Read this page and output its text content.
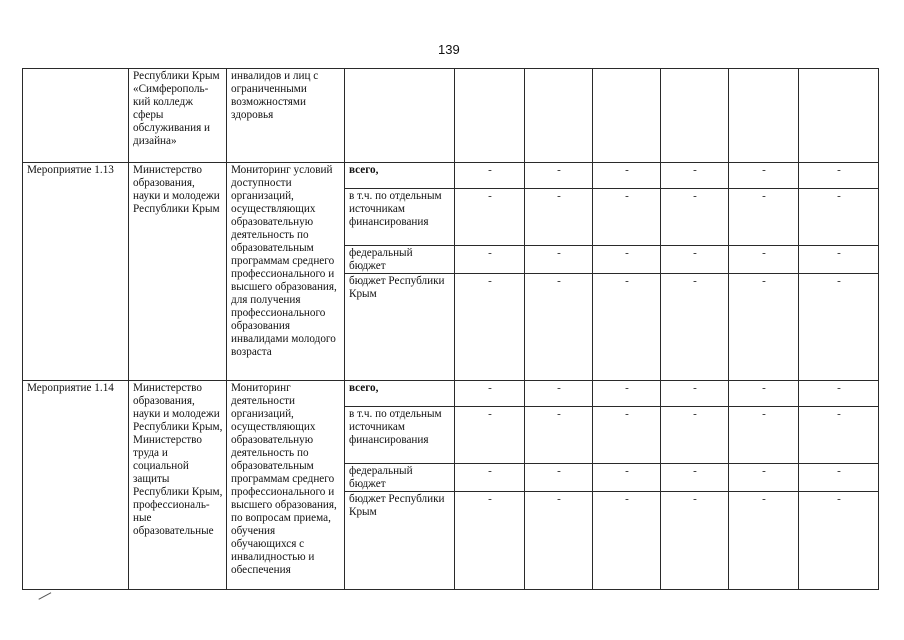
139
	Республики Крым «Симферополь-кий колледж сферы обслуживания и дизайна»	инвалидов и лиц с ограниченными возможностями здоровья							
Мероприятие 1.13	Министерство образования, науки и молодежи Республики Крым	Мониторинг условий доступности организаций, осуществляющих образовательную деятельность по образовательным программам среднего профессионального и высшего образования, для получения профессионального образования инвалидами молодого возраста	всего,	-	-	-	-	-	-
			в т.ч. по отдельным источникам финансирования	-	-	-	-	-	-
			федеральный бюджет	-	-	-	-	-	-
			бюджет Республики Крым	-	-	-	-	-	-
Мероприятие 1.14	Министерство образования, науки и молодежи Республики Крым, Министерство труда и социальной защиты Республики Крым, профессиональ-ные образовательные	Мониторинг деятельности организаций, осуществляющих образовательную деятельность по образовательным программам среднего профессионального и высшего образования, по вопросам приема, обучения обучающихся с инвалидностью и обеспечения	всего,	-	-	-	-	-	-
			в т.ч. по отдельным источникам финансирования	-	-	-	-	-	-
			федеральный бюджет	-	-	-	-	-	-
			бюджет Республики Крым	-	-	-	-	-	-
